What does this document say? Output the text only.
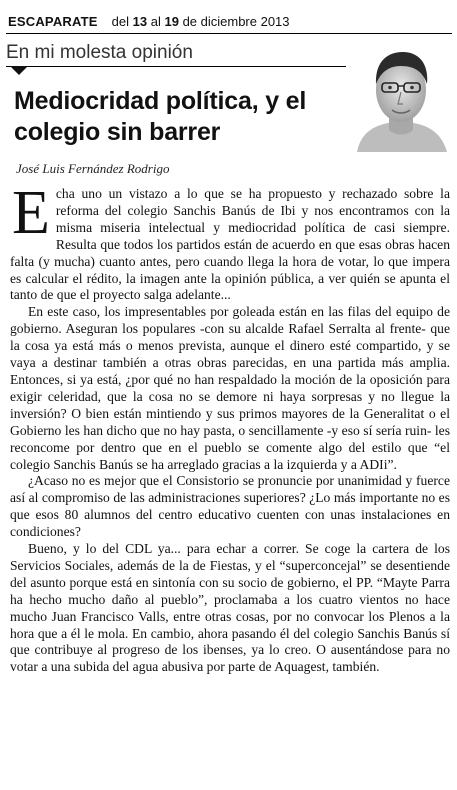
ESCAPARATE del 13 al 19 de diciembre 2013
En mi molesta opinión
Mediocridad política, y el colegio sin barrer
José Luis Fernández Rodrigo

Echa uno un vistazo a lo que se ha propuesto y rechazado sobre la reforma del colegio Sanchis Banús de Ibi y nos encontramos con la misma miseria intelectual y mediocridad política de casi siempre. Resulta que todos los partidos están de acuerdo en que esas obras hacen falta (y mucha) cuanto antes, pero cuando llega la hora de votar, lo que impera es calcular el rédito, la imagen ante la opinión pública, a ver quién se apunta el tanto de que el proyecto salga adelante...

En este caso, los impresentables por goleada están en las filas del equipo de gobierno. Aseguran los populares -con su alcalde Rafael Serralta al frente- que la cosa ya está más o menos prevista, aunque el dinero esté compartido, y se vaya a destinar también a otras obras parecidas, en una partida más amplia. Entonces, si ya está, ¿por qué no han respaldado la moción de la oposición para exigir celeridad, que la cosa no se demore ni haya sorpresas y no llegue la inversión? O bien están mintiendo y sus primos mayores de la Generalitat o el Gobierno les han dicho que no hay pasta, o sencillamente -y eso sí sería ruin- les reconcome por dentro que en el pueblo se comente algo del estilo que “el colegio Sanchis Banús se ha arreglado gracias a la izquierda y a ADIi”.

¿Acaso no es mejor que el Consistorio se pronuncie por unanimidad y fuerce así al compromiso de las administraciones superiores? ¿Lo más importante no es que esos 80 alumnos del centro educativo cuenten con unas instalaciones en condiciones?

Bueno, y lo del CDL ya... para echar a correr. Se coge la cartera de los Servicios Sociales, además de la de Fiestas, y el “superconcejal” se desentiende del asunto porque está en sintonía con su socio de gobierno, el PP. “Mayte Parra ha hecho mucho daño al pueblo”, proclamaba a los cuatro vientos no hace mucho Juan Francisco Valls, entre otras cosas, por no convocar los Plenos a la hora que a él le mola. En cambio, ahora pasando él del colegio Sanchis Banús sí que contribuye al progreso de los ibenses, ya lo creo. O ausentándose para no votar a una subida del agua abusiva por parte de Aquagest, también.
